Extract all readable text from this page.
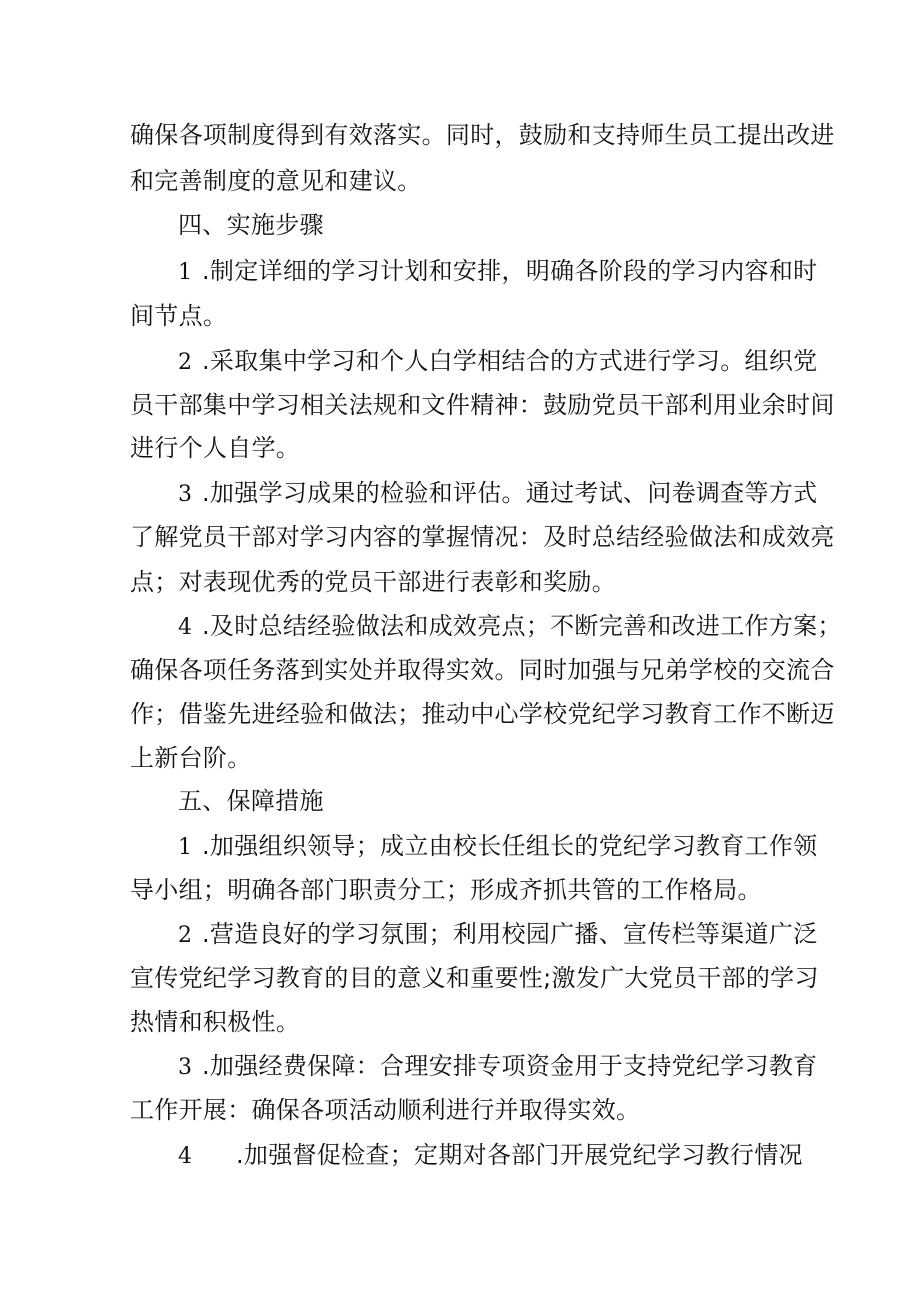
确保各项制度得到有效落实。同时，鼓励和支持师生员工提出改进
和完善制度的意见和建议。
四、实施步骤
1 .制定详细的学习计划和安排，明确各阶段的学习内容和时
间节点。
2 .采取集中学习和个人白学相结合的方式进行学习。组织党
员干部集中学习相关法规和文件精神：鼓励党员干部利用业余时间
进行个人自学。
3 .加强学习成果的检验和评估。通过考试、问卷调查等方式
了解党员干部对学习内容的掌握情况：及时总结经验做法和成效亮
点；对表现优秀的党员干部进行表彰和奖励。
4 .及时总结经验做法和成效亮点；不断完善和改进工作方案；
确保各项任务落到实处并取得实效。同时加强与兄弟学校的交流合
作；借鉴先进经验和做法；推动中心学校党纪学习教育工作不断迈
上新台阶。
五、保障措施
1 .加强组织领导；成立由校长任组长的党纪学习教育工作领
导小组；明确各部门职责分工；形成齐抓共管的工作格局。
2 .营造良好的学习氛围；利用校园广播、宣传栏等渠道广泛
宣传党纪学习教育的目的意义和重要性;激发广大党员干部的学习
热情和积极性。
3 .加强经费保障：合理安排专项资金用于支持党纪学习教育
工作开展：确保各项活动顺利进行并取得实效。
4 .加强督促检查；定期对各部门开展党纪学习教行情况
